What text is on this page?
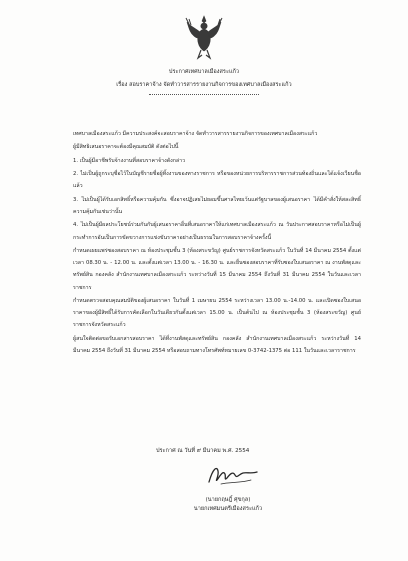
ประกาศเทศบาลเมืองสระแก้ว
เรื่อง สอบราคาจ้าง จัดทำวารสารรายงานกิจการของเทศบาลเมืองสระแก้ว

เทศบาลเมืองสระแก้ว มีความประสงค์จะสอบราคาจ้าง จัดทำวารสารรายงานกิจการของเทศบาลเมืองสระแก้ว

ผู้มีสิทธิเสนอราคาจะต้องมีคุณสมบัติ ดังต่อไปนี้

1. เป็นผู้มีอาชีพรับจ้างงานที่สอบราคาจ้างดังกล่าว

2. ไม่เป็นผู้ถูกระบุชื่อไว้ในบัญชีรายชื่อผู้ทิ้งงานของทางราชการ หรือของหน่วยการบริหารราชการส่วนท้องถิ่นและได้แจ้งเวียนชื่อแล้ว

3. ไม่เป็นผู้ได้รับเอกสิทธิ์หรือความคุ้มกัน ซึ่งอาจปฏิเสธไม่ยอมขึ้นศาลไทยเว้นแต่รัฐบาลของผู้เสนอราคา ได้มีคำสั่งให้สละสิทธิ์ความคุ้มกันเช่นว่านั้น

4. ไม่เป็นผู้มีผลประโยชน์ร่วมกันกับผู้เสนอราคาอื่นที่เสนอราคาให้แก่เทศบาลเมืองสระแก้ว ณ วันประกาศสอบราคาหรือไม่เป็นผู้กระทำการอันเป็นการขัดขวางการแข่งขันราคาอย่างเป็นธรรมในการสอบราคาจ้างครั้งนี้

กำหนดเผยแพร่ซองสอบราคา ณ ห้องประชุมชั้น 3 (ห้องสระขวัญ) ศูนย์ราชการจังหวัดสระแก้ว ในวันที่ 14 มีนาคม 2554 ตั้งแต่เวลา 08.30 น. - 12.00 น. และตั้งแต่เวลา 13.00 น. - 16.30 น. และยื่นซองสอบราคาที่รับซองใบเสนอราคา ณ งานพัสดุและทรัพย์สิน กองคลัง สำนักงานเทศบาลเมืองสระแก้ว ระหว่างวันที่ 15 มีนาคม 2554 ถึงวันที่ 31 มีนาคม 2554 ในวันและเวลาราชการ

กำหนดตรวจสอบคุณสมบัติของผู้เสนอราคา ในวันที่ 1 เมษายน 2554 ระหว่างเวลา 13.00 น.-14.00 น. และเปิดซองใบเสนอราคาของผู้มีสิทธิ์ได้รับการคัดเลือกในวันเดียวกันตั้งแต่เวลา 15.00 น. เป็นต้นไป ณ ห้องประชุมชั้น 3 (ห้องสระขวัญ) ศูนย์ราชการจังหวัดสระแก้ว

ผู้สนใจติดต่อขอรับเอกสารสอบราคา ได้ที่งานพัสดุและทรัพย์สิน กองคลัง สำนักงานเทศบาลเมืองสระแก้ว ระหว่างวันที่ 14 มีนาคม 2554 ถึงวันที่ 31 มีนาคม 2554 หรือสอบถามทางโทรศัพท์หมายเลข 0-3742-1375 ต่อ 111 ในวันและเวลาราชการ

ประกาศ ณ วันที่ ๙ มีนาคม พ.ศ. 2554
(นายกฤษฎิ์ ศุขกุล)
นายกเทศมนตรีเมืองสระแก้ว
